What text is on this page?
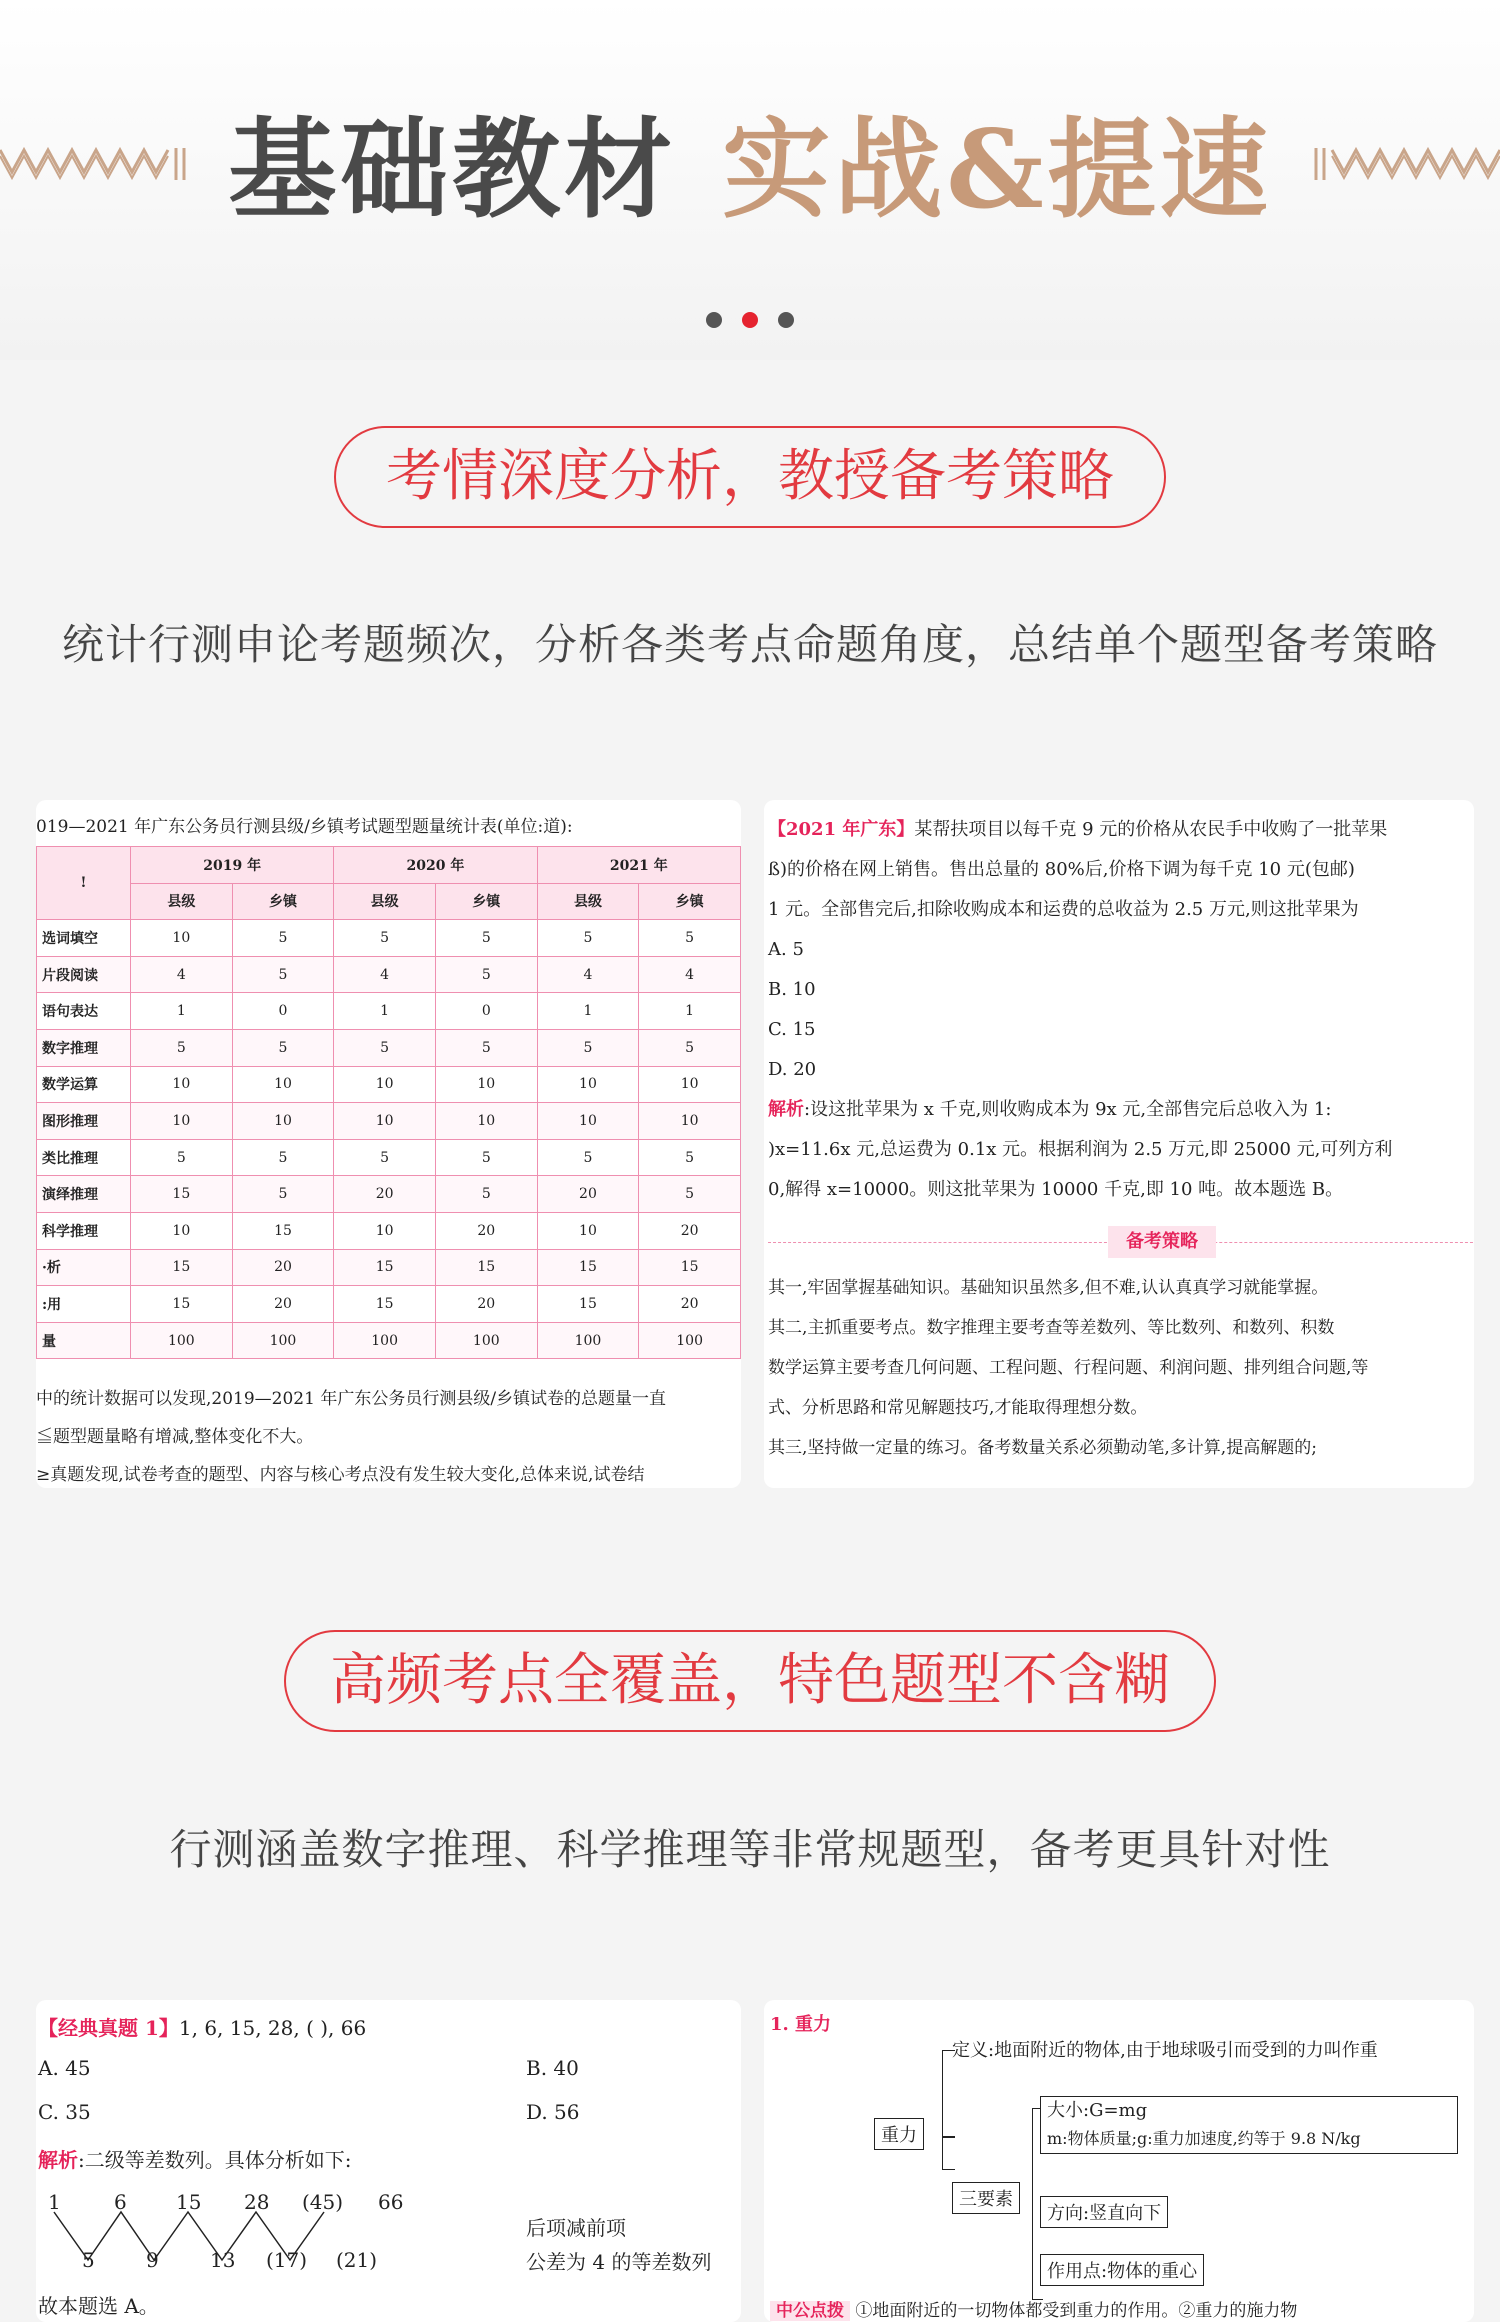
基础教材 实战&提速
考情深度分析，教授备考策略
统计行测申论考题频次，分析各类考点命题角度，总结单个题型备考策略
019—2021 年广东公务员行测县级/乡镇考试题型题量统计表(单位:道):
!	2019 年		2020 年		2021 年	
	县级	乡镇	县级	乡镇	县级	乡镇
选词填空	10	5	5	5	5	5
片段阅读	4	5	4	5	4	4
语句表达	1	0	1	0	1	1
数字推理	5	5	5	5	5	5
数学运算	10	10	10	10	10	10
图形推理	10	10	10	10	10	10
类比推理	5	5	5	5	5	5
演绎推理	15	5	20	5	20	5
科学推理	10	15	10	20	10	20
·析	15	20	15	15	15	15
:用	15	20	15	20	15	20
量	100	100	100	100	100	100
中的统计数据可以发现,2019—2021 年广东公务员行测县级/乡镇试卷的总题量一直
≦题型题量略有增减,整体变化不大。
≥真题发现,试卷考查的题型、内容与核心考点没有发生较大变化,总体来说,试卷结
【2021 年广东】某帮扶项目以每千克 9 元的价格从农民手中收购了一批苹果
ß)的价格在网上销售。售出总量的 80%后,价格下调为每千克 10 元(包邮)
1 元。全部售完后,扣除收购成本和运费的总收益为 2.5 万元,则这批苹果为
A. 5
B. 10
C. 15
D. 20
解析:设这批苹果为 x 千克,则收购成本为 9x 元,全部售完后总收入为 1:
)x=11.6x 元,总运费为 0.1x 元。根据利润为 2.5 万元,即 25000 元,可列方利
0,解得 x=10000。则这批苹果为 10000 千克,即 10 吨。故本题选 B。
备考策略
其一,牢固掌握基础知识。基础知识虽然多,但不难,认认真真学习就能掌握。
其二,主抓重要考点。数字推理主要考查等差数列、等比数列、和数列、积数
数学运算主要考查几何问题、工程问题、行程问题、利润问题、排列组合问题,等
式、分析思路和常见解题技巧,才能取得理想分数。
其三,坚持做一定量的练习。备考数量关系必须勤动笔,多计算,提高解题的;
高频考点全覆盖，特色题型不含糊
行测涵盖数字推理、科学推理等非常规题型，备考更具针对性
【经典真题 1】1, 6, 15, 28, ( ), 66
A. 45	B. 40
C. 35	D. 56
解析:二级等差数列。具体分析如下:
1	6 15 28 (45) 66
5	9	13 (17) (21)
后项减前项
公差为 4 的等差数列
故本题选 A。
1. 重力
重力
定义:地面附近的物体,由于地球吸引而受到的力叫作重
三要素
大小:G=mg
m:物体质量;g:重力加速度,约等于 9.8 N/kg
方向:竖直向下
作用点:物体的重心
中公点拨 ①地面附近的一切物体都受到重力的作用。②重力的施力物
